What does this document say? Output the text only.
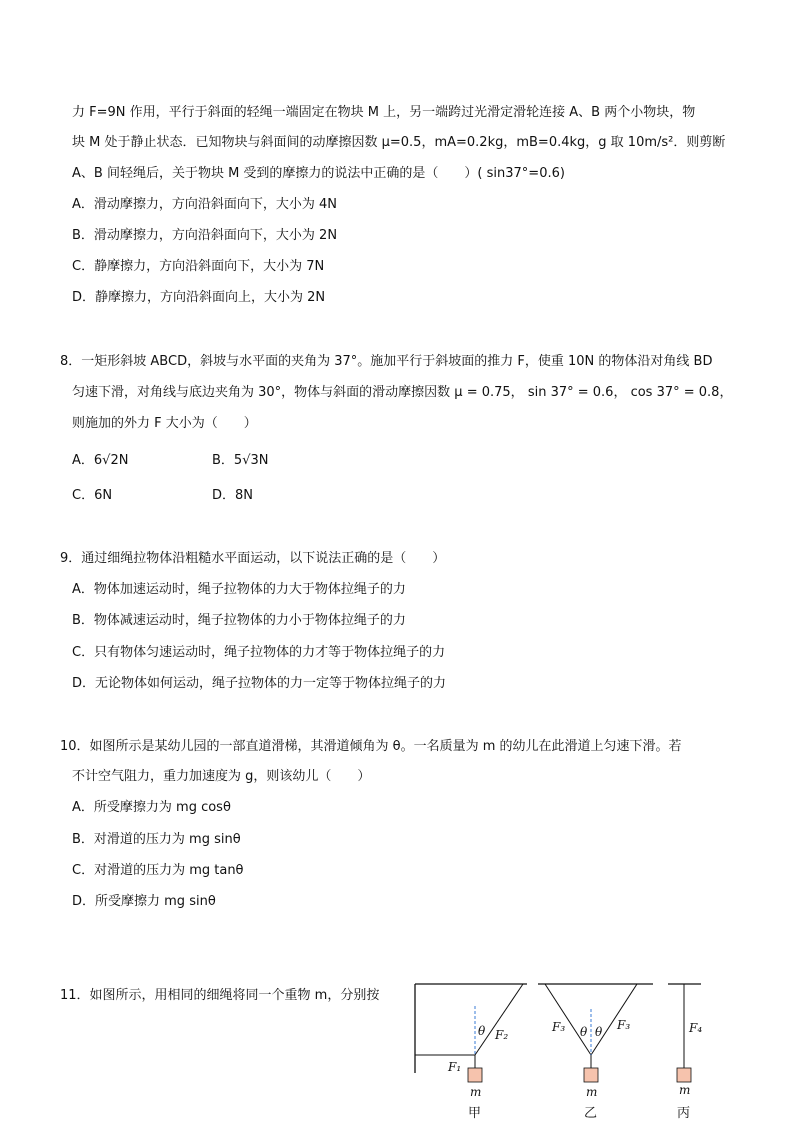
力 F=9N 作用，平行于斜面的轻绳一端固定在物块 M 上，另一端跨过光滑定滑轮连接 A、B 两个小物块，物
块 M 处于静止状态．已知物块与斜面间的动摩擦因数 μ=0.5，mA=0.2kg，mB=0.4kg，g 取 10m/s²．则剪断
A、B 间轻绳后，关于物块 M 受到的摩擦力的说法中正确的是（　　）( sin37°=0.6)
A．滑动摩擦力，方向沿斜面向下，大小为 4N
B．滑动摩擦力，方向沿斜面向下，大小为 2N
C．静摩擦力，方向沿斜面向下，大小为 7N
D．静摩擦力，方向沿斜面向上，大小为 2N
8．一矩形斜坡 ABCD，斜坡与水平面的夹角为 37°。施加平行于斜坡面的推力 F，使重 10N 的物体沿对角线 BD
匀速下滑，对角线与底边夹角为 30°，物体与斜面的滑动摩擦因数 μ = 0.75， sin 37° = 0.6， cos 37° = 0.8，
则施加的外力 F 大小为（　　）
A．6√2N	B．5√3N
C．6N	D．8N
9．通过细绳拉物体沿粗糙水平面运动，以下说法正确的是（　　）
A．物体加速运动时，绳子拉物体的力大于物体拉绳子的力
B．物体减速运动时，绳子拉物体的力小于物体拉绳子的力
C．只有物体匀速运动时，绳子拉物体的力才等于物体拉绳子的力
D．无论物体如何运动，绳子拉物体的力一定等于物体拉绳子的力
10．如图所示是某幼儿园的一部直道滑梯，其滑道倾角为 θ。一名质量为 m 的幼儿在此滑道上匀速下滑。若
不计空气阻力，重力加速度为 g，则该幼儿（　　）
A．所受摩擦力为 mg cosθ
B．对滑道的压力为 mg sinθ
C．对滑道的压力为 mg tanθ
D．所受摩擦力 mg sinθ
11．如图所示，用相同的细绳将同一个重物 m，分别按
θ F₂
F₁
m
甲
F₃	F₃
θ θ
m
乙
F₄
m
丙
